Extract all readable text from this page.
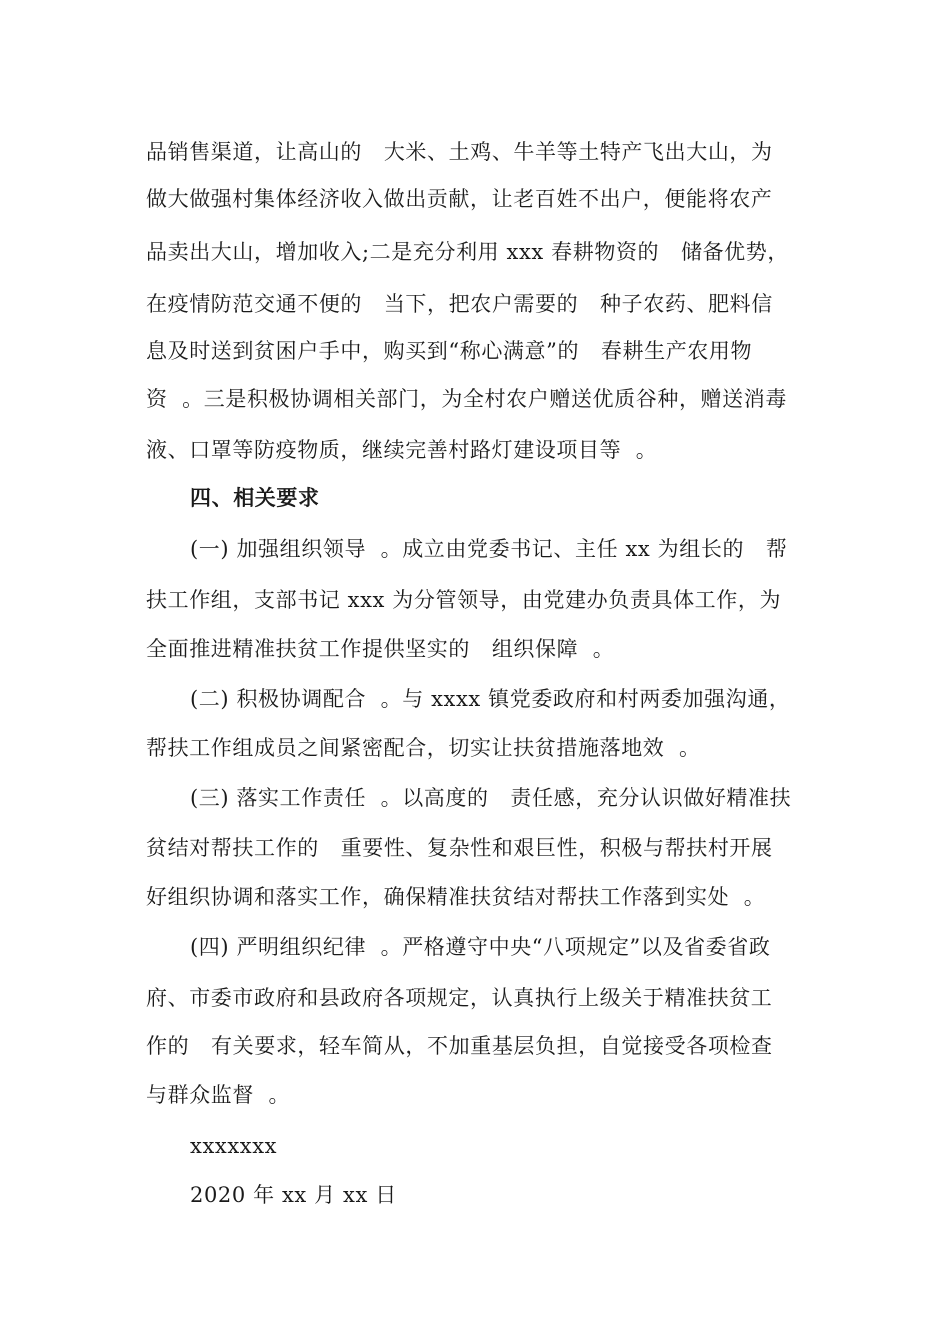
品销售渠道，让高山的   大米、土鸡、牛羊等土特产飞出大山，为
做大做强村集体经济收入做出贡献，让老百姓不出户，便能将农产
品卖出大山，增加收入;二是充分利用 xxx 春耕物资的   储备优势，
在疫情防范交通不便的   当下，把农户需要的   种子农药、肥料信
息及时送到贫困户手中，购买到“称心满意”的   春耕生产农用物
资  。三是积极协调相关部门，为全村农户赠送优质谷种，赠送消毒
液、口罩等防疫物质，继续完善村路灯建设项目等  。
四、相关要求
(一) 加强组织领导  。成立由党委书记、主任 xx 为组长的   帮
扶工作组，支部书记 xxx 为分管领导，由党建办负责具体工作，为
全面推进精准扶贫工作提供坚实的   组织保障  。
(二) 积极协调配合  。与 xxxx 镇党委政府和村两委加强沟通，
帮扶工作组成员之间紧密配合，切实让扶贫措施落地效  。
(三) 落实工作责任  。以高度的   责任感，充分认识做好精准扶
贫结对帮扶工作的   重要性、复杂性和艰巨性，积极与帮扶村开展
好组织协调和落实工作，确保精准扶贫结对帮扶工作落到实处  。
(四) 严明组织纪律  。严格遵守中央“八项规定”以及省委省政
府、市委市政府和县政府各项规定，认真执行上级关于精准扶贫工
作的   有关要求，轻车简从，不加重基层负担，自觉接受各项检查
与群众监督  。
xxxxxxx
2020 年 xx 月 xx 日
